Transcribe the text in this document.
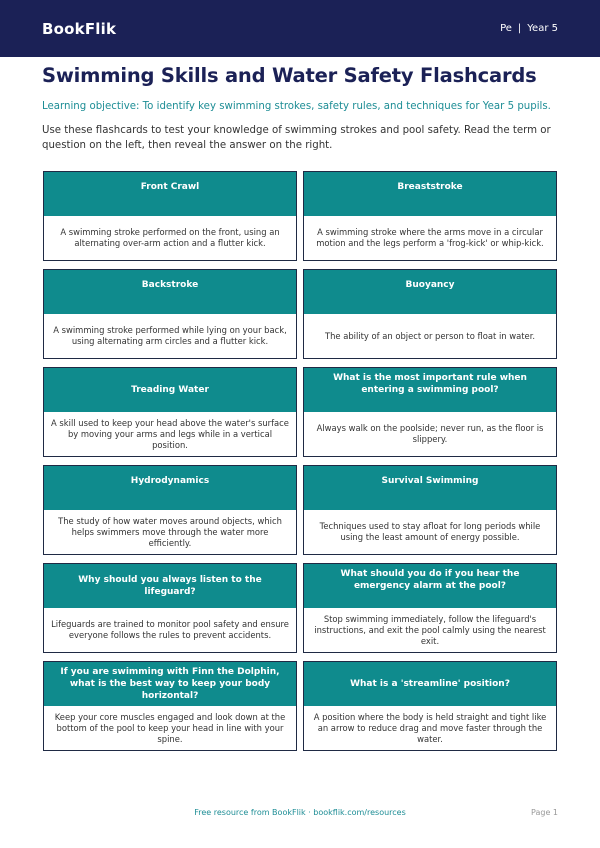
BookFlik	Pe | Year 5
Swimming Skills and Water Safety Flashcards

Learning objective: To identify key swimming strokes, safety rules, and techniques for Year 5 pupils.

Use these flashcards to test your knowledge of swimming strokes and pool safety. Read the term or question on the left, then reveal the answer on the right.

Front Crawl
A swimming stroke performed on the front, using an alternating over-arm action and a flutter kick.
Breaststroke
A swimming stroke where the arms move in a circular motion and the legs perform a 'frog-kick' or whip-kick.
Backstroke
A swimming stroke performed while lying on your back, using alternating arm circles and a flutter kick.
Buoyancy
The ability of an object or person to float in water.
Treading Water
A skill used to keep your head above the water's surface by moving your arms and legs while in a vertical position.
What is the most important rule when entering a swimming pool?
Always walk on the poolside; never run, as the floor is slippery.
Hydrodynamics
The study of how water moves around objects, which helps swimmers move through the water more efficiently.
Survival Swimming
Techniques used to stay afloat for long periods while using the least amount of energy possible.
Why should you always listen to the lifeguard?
Lifeguards are trained to monitor pool safety and ensure everyone follows the rules to prevent accidents.
What should you do if you hear the emergency alarm at the pool?
Stop swimming immediately, follow the lifeguard's instructions, and exit the pool calmly using the nearest exit.
If you are swimming with Finn the Dolphin, what is the best way to keep your body horizontal?
Keep your core muscles engaged and look down at the bottom of the pool to keep your head in line with your spine.
What is a 'streamline' position?
A position where the body is held straight and tight like an arrow to reduce drag and move faster through the water.
Free resource from BookFlik · bookflik.com/resources	Page 1
